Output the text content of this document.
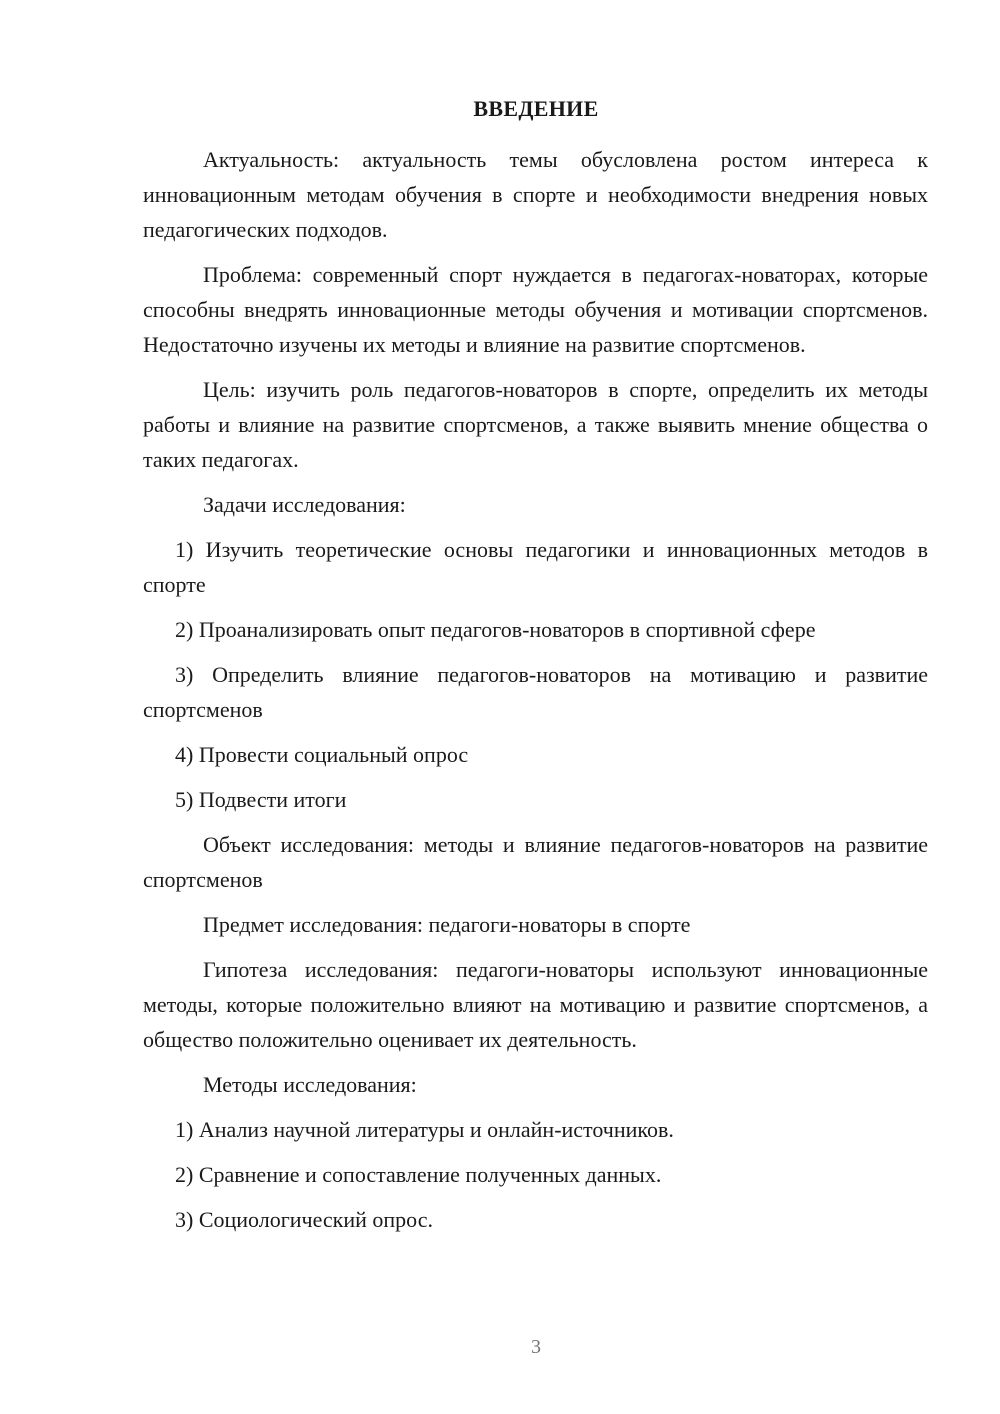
ВВЕДЕНИЕ

Актуальность: актуальность темы обусловлена ростом интереса к инновационным методам обучения в спорте и необходимости внедрения новых педагогических подходов.

Проблема: современный спорт нуждается в педагогах-новаторах, которые способны внедрять инновационные методы обучения и мотивации спортсменов. Недостаточно изучены их методы и влияние на развитие спортсменов.

Цель: изучить роль педагогов-новаторов в спорте, определить их методы работы и влияние на развитие спортсменов, а также выявить мнение общества о таких педагогах.

Задачи исследования:

1) Изучить теоретические основы педагогики и инновационных методов в спорте

2) Проанализировать опыт педагогов-новаторов в спортивной сфере

3) Определить влияние педагогов-новаторов на мотивацию и развитие спортсменов

4) Провести социальный опрос

5) Подвести итоги

Объект исследования: методы и влияние педагогов-новаторов на развитие спортсменов

Предмет исследования: педагоги-новаторы в спорте

Гипотеза исследования: педагоги-новаторы используют инновационные методы, которые положительно влияют на мотивацию и развитие спортсменов, а общество положительно оценивает их деятельность.

Методы исследования:

1) Анализ научной литературы и онлайн-источников.

2) Сравнение и сопоставление полученных данных.

3) Социологический опрос.

3
